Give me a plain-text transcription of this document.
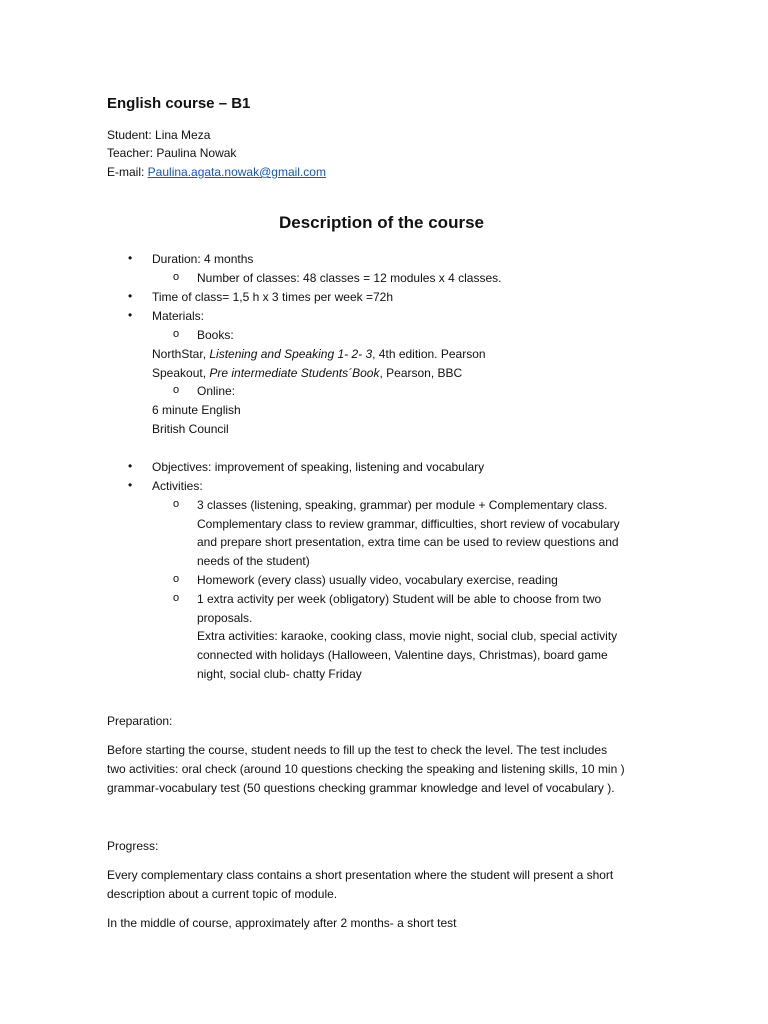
English course – B1
Student: Lina Meza
Teacher: Paulina Nowak
E-mail: Paulina.agata.nowak@gmail.com
Description of the course
• Duration: 4 months
o Number of classes: 48 classes = 12 modules x 4 classes.
• Time of class= 1,5 h x 3 times per week =72h
• Materials:
o Books:
NorthStar, Listening and Speaking 1- 2- 3, 4th edition. Pearson
Speakout, Pre intermediate Students´Book, Pearson, BBC
o Online:
6 minute English
British Council
• Objectives: improvement of speaking, listening and vocabulary
• Activities:
o 3 classes (listening, speaking, grammar) per module + Complementary class.
Complementary class to review grammar, difficulties, short review of vocabulary
and prepare short presentation, extra time can be used to review questions and
needs of the student)
o Homework (every class) usually video, vocabulary exercise, reading
o 1 extra activity per week (obligatory) Student will be able to choose from two
proposals.
Extra activities: karaoke, cooking class, movie night, social club, special activity
connected with holidays (Halloween, Valentine days, Christmas), board game
night, social club- chatty Friday
Preparation:
Before starting the course, student needs to fill up the test to check the level. The test includes
two activities: oral check (around 10 questions checking the speaking and listening skills, 10 min )
grammar-vocabulary test (50 questions checking grammar knowledge and level of vocabulary ).
Progress:
Every complementary class contains a short presentation where the student will present a short
description about a current topic of module.
In the middle of course, approximately after 2 months- a short test
